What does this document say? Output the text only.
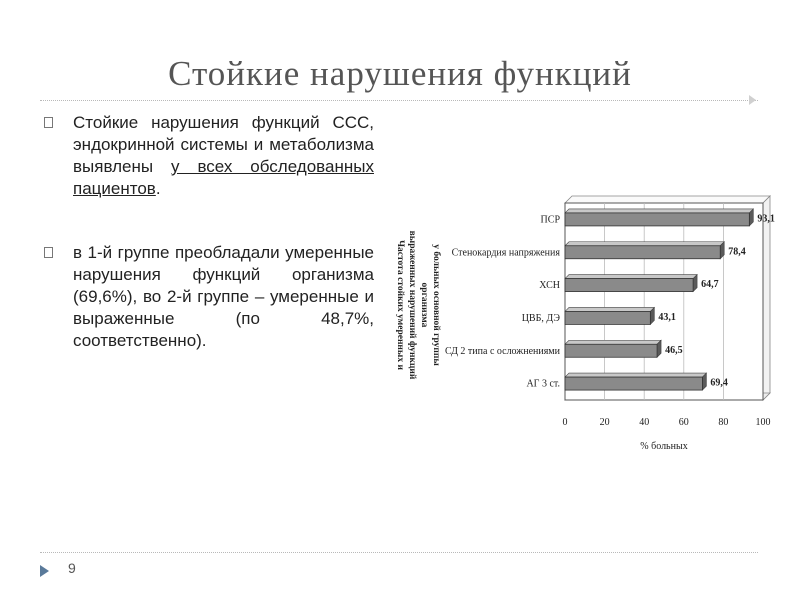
Стойкие нарушения функций
Стойкие нарушения функций ССС, эндокринной системы и метаболизма выявлены у всех обследованных пациентов.
в 1-й группе преобладали умеренные нарушения функций организма (69,6%), во 2-й группе – умеренные и выраженные (по 48,7%, соответственно).
0	20	40	60	80	100
ПСР	93,1
Стенокардия напряжения	78,4
ХСН	64,7
ЦВБ, ДЭ	43,1
СД 2 типа с осложнениями	46,5
АГ 3 ст.	69,4
% больных
Частота стойких умеренных и выраженных нарушений функций организма у больных основной группы
9
